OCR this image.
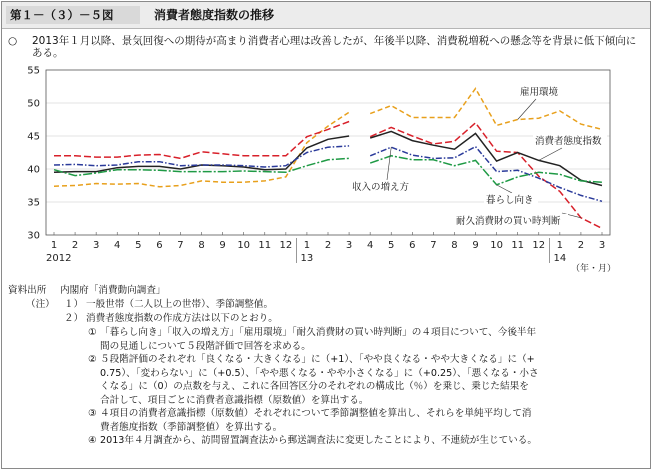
第１－（３）－５図	消費者態度指数の推移
○	2013年１月以降、景気回復への期待が高まり消費者心理は改善したが、年後半以降、消費税増税への懸念等を背景に低下傾向にある。
30
35
40
45
50
55
1 2 3 4 5 6 7 8 9 10 11 12 1 2 3 4 5 6 7 8 9 10 11 12 1 2 3
2012	13	14
（年・月）
雇用環境
消費者態度指数
収入の増え方
暮らし向き
耐久消費財の買い時判断
資料出所 内閣府「消費動向調査」
（注） １） 一般世帯（二人以上の世帯）、季節調整値。
２） 消費者態度指数の作成方法は以下のとおり。
① 「暮らし向き」「収入の増え方」「雇用環境」「耐久消費財の買い時判断」の４項目について、今後半年
間の見通しについて５段階評価で回答を求める。
② ５段階評価のそれぞれ「良くなる・大きくなる」に（+1）、「やや良くなる・やや大きくなる」に（+
0.75）、「変わらない」に（+0.5）、「やや悪くなる・やや小さくなる」に（+0.25）、「悪くなる・小さ
くなる」に（0）の点数を与え、これに各回答区分のそれぞれの構成比（％）を乗じ、乗じた結果を
合計して、項目ごとに消費者意識指標（原数値）を算出する。
③ ４項目の消費者意識指標（原数値）それぞれについて季節調整値を算出し、それらを単純平均して消
費者態度指数（季節調整値）を算出する。
④ 2013年４月調査から、訪問留置調査法から郵送調査法に変更したことにより、不連続が生じている。
